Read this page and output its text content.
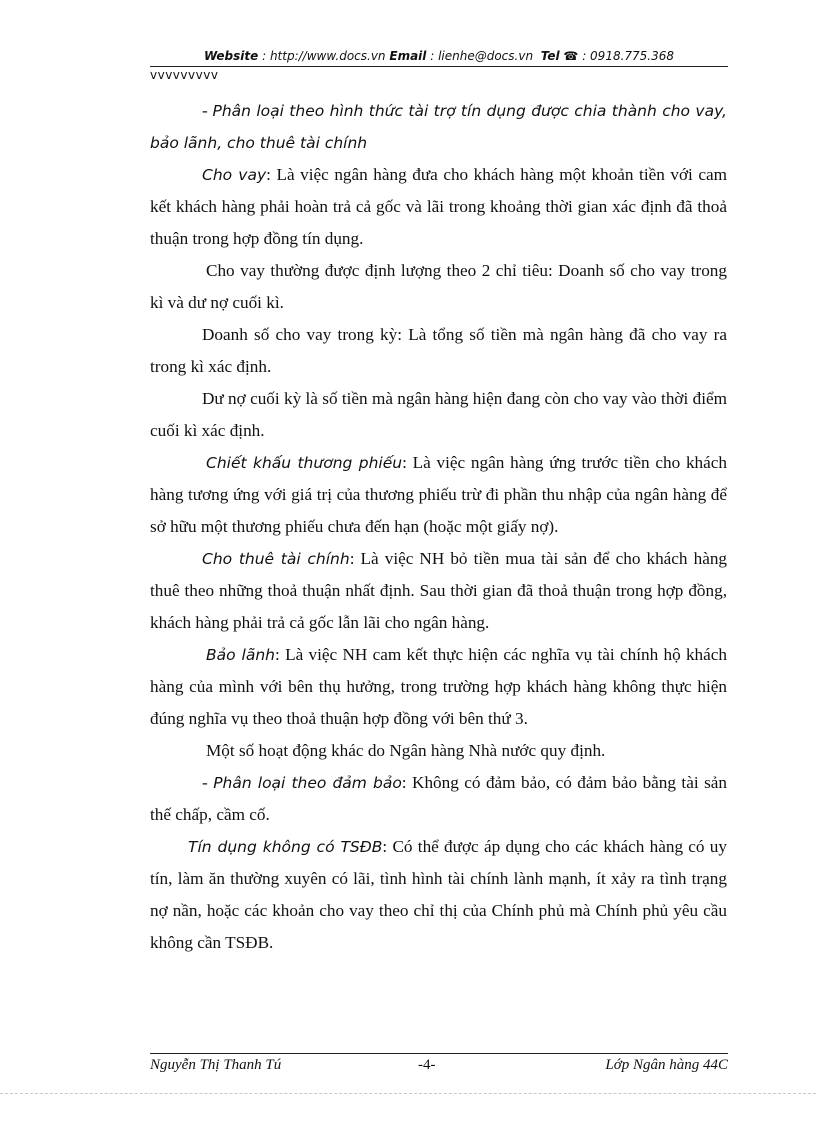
Website : http://www.docs.vn Email : lienhe@docs.vn Tel ☎ : 0918.775.368
vvvvvvvvv

- Phân loại theo hình thức tài trợ tín dụng được chia thành cho vay, bảo lãnh, cho thuê tài chính

Cho vay: Là việc ngân hàng đưa cho khách hàng một khoản tiền với cam kết khách hàng phải hoàn trả cả gốc và lãi trong khoảng thời gian xác định đã thoả thuận trong hợp đồng tín dụng.

Cho vay thường được định lượng theo 2 chỉ tiêu: Doanh số cho vay trong kì và dư nợ cuối kì.

Doanh số cho vay trong kỳ: Là tổng số tiền mà ngân hàng đã cho vay ra trong kì xác định.

Dư nợ cuối kỳ là số tiền mà ngân hàng hiện đang còn cho vay vào thời điểm cuối kì xác định.

Chiết khấu thương phiếu: Là việc ngân hàng ứng trước tiền cho khách hàng tương ứng với giá trị của thương phiếu trừ đi phần thu nhập của ngân hàng để sở hữu một thương phiếu chưa đến hạn (hoặc một giấy nợ).

Cho thuê tài chính: Là việc NH bỏ tiền mua tài sản để cho khách hàng thuê theo những thoả thuận nhất định. Sau thời gian đã thoả thuận trong hợp đồng, khách hàng phải trả cả gốc lẫn lãi cho ngân hàng.

Bảo lãnh: Là việc NH cam kết thực hiện các nghĩa vụ tài chính hộ khách hàng của mình với bên thụ hưởng, trong trường hợp khách hàng không thực hiện đúng nghĩa vụ theo thoả thuận hợp đồng với bên thứ 3.

Một số hoạt động khác do Ngân hàng Nhà nước quy định.

- Phân loại theo đảm bảo: Không có đảm bảo, có đảm bảo bằng tài sản thế chấp, cầm cố.

Tín dụng không có TSĐB: Có thể được áp dụng cho các khách hàng có uy tín, làm ăn thường xuyên có lãi, tình hình tài chính lành mạnh, ít xảy ra tình trạng nợ nần, hoặc các khoản cho vay theo chỉ thị của Chính phủ mà Chính phủ yêu cầu không cần TSĐB.

Nguyễn Thị Thanh Tú	-4-	Lớp Ngân hàng 44C
